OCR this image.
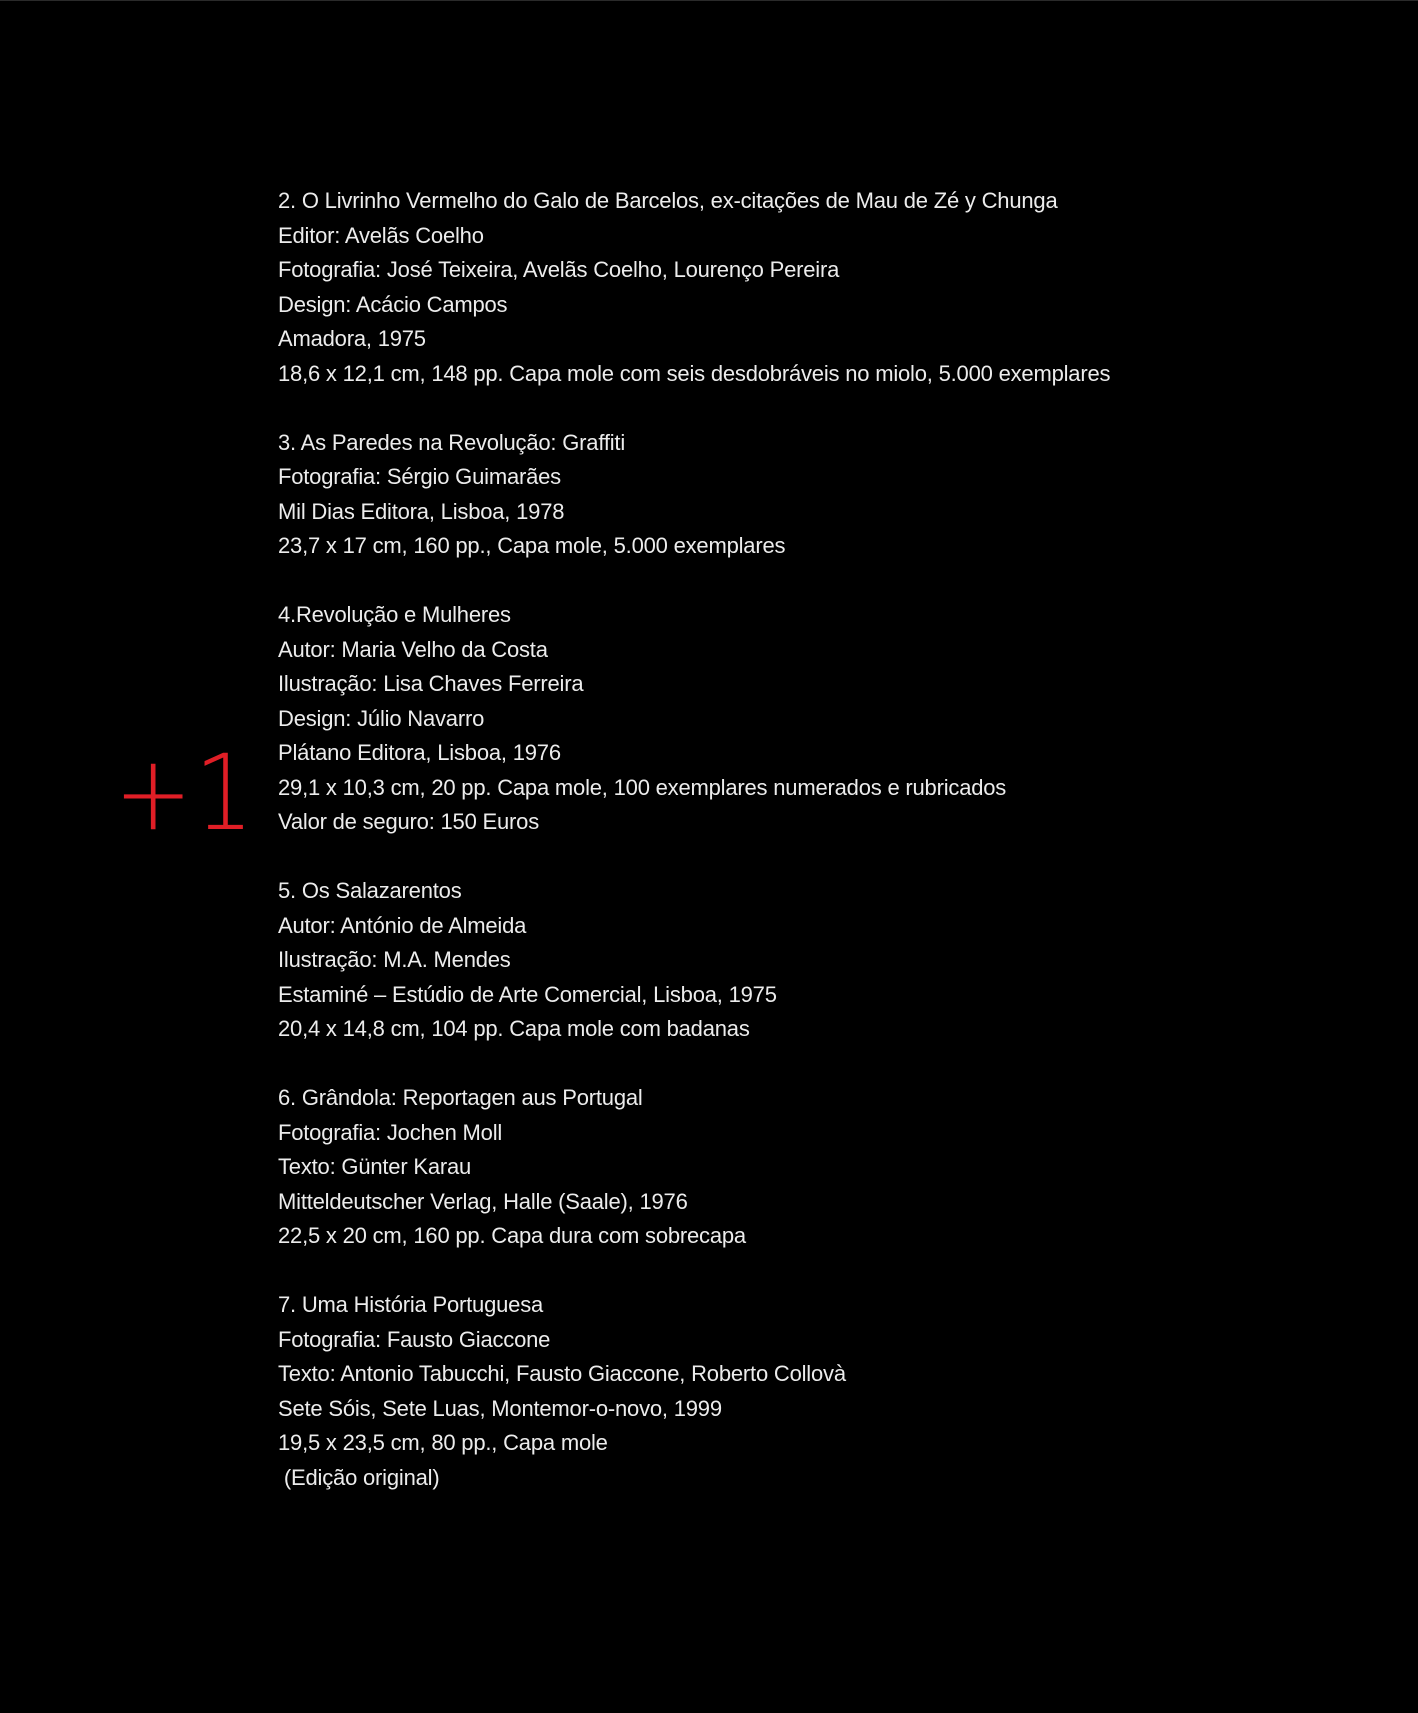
+1
2. O Livrinho Vermelho do Galo de Barcelos, ex-citações de Mau de Zé y Chunga
Editor: Avelãs Coelho
Fotografia: José Teixeira, Avelãs Coelho, Lourenço Pereira
Design: Acácio Campos
Amadora, 1975
18,6 x 12,1 cm, 148 pp. Capa mole com seis desdobráveis no miolo, 5.000 exemplares
3. As Paredes na Revolução: Graffiti
Fotografia: Sérgio Guimarães
Mil Dias Editora, Lisboa, 1978
23,7 x 17 cm, 160 pp., Capa mole, 5.000 exemplares
4.Revolução e Mulheres
Autor: Maria Velho da Costa
Ilustração: Lisa Chaves Ferreira
Design: Júlio Navarro
Plátano Editora, Lisboa, 1976
29,1 x 10,3 cm, 20 pp. Capa mole, 100 exemplares numerados e rubricados
Valor de seguro: 150 Euros
5. Os Salazarentos
Autor: António de Almeida
Ilustração: M.A. Mendes
Estaminé – Estúdio de Arte Comercial, Lisboa, 1975
20,4 x 14,8 cm, 104 pp. Capa mole com badanas
6. Grândola: Reportagen aus Portugal
Fotografia: Jochen Moll
Texto: Günter Karau
Mitteldeutscher Verlag, Halle (Saale), 1976
22,5 x 20 cm, 160 pp. Capa dura com sobrecapa
7. Uma História Portuguesa
Fotografia: Fausto Giaccone
Texto: Antonio Tabucchi, Fausto Giaccone, Roberto Collovà
Sete Sóis, Sete Luas, Montemor-o-novo, 1999
19,5 x 23,5 cm, 80 pp., Capa mole
(Edição original)
